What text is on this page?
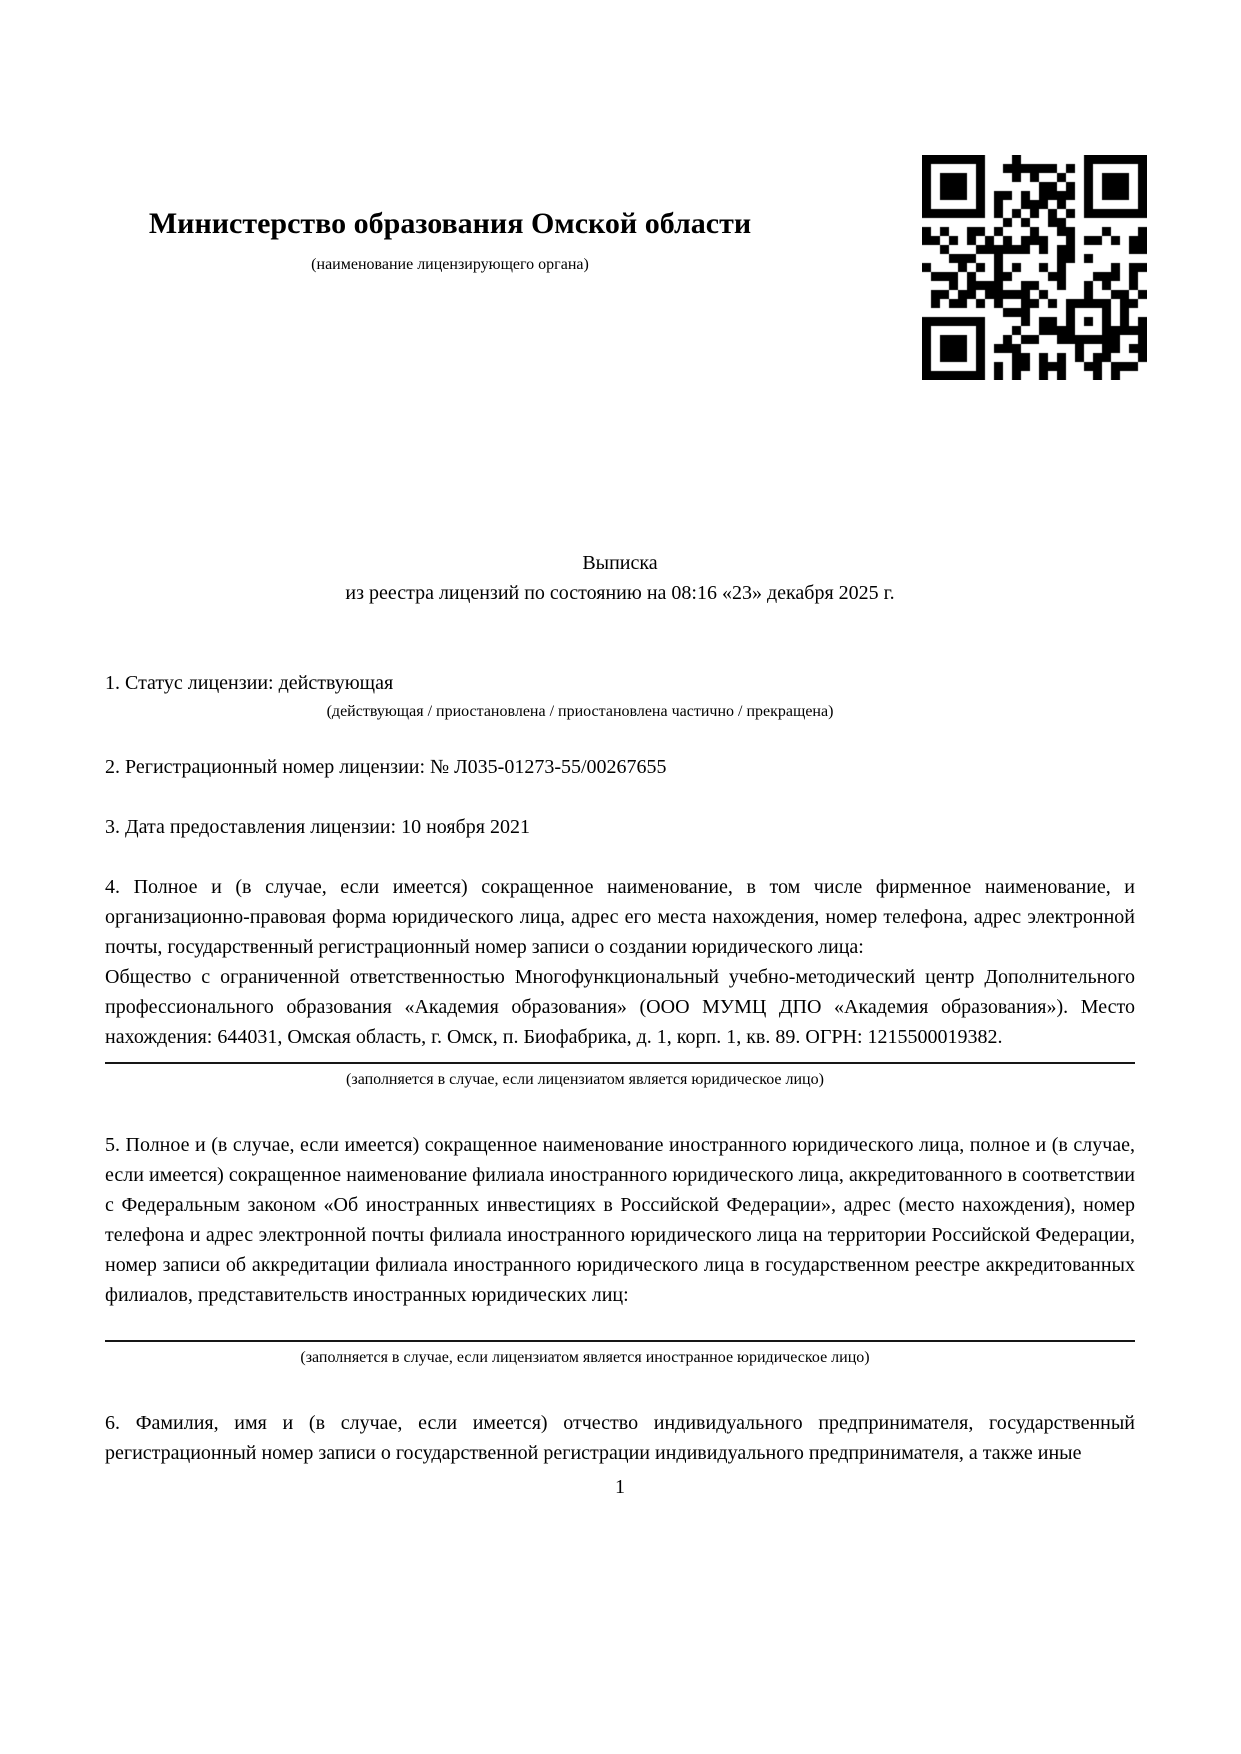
Министерство образования Омской области
(наименование лицензирующего органа)
Выписка
из реестра лицензий по состоянию на 08:16 «23» декабря 2025 г.
1. Статус лицензии: действующая
(действующая / приостановлена / приостановлена частично / прекращена)
2. Регистрационный номер лицензии: № Л035-01273-55/00267655
3. Дата предоставления лицензии: 10 ноября 2021
4. Полное и (в случае, если имеется) сокращенное наименование, в том числе фирменное наименование, и организационно-правовая форма юридического лица, адрес его места нахождения, номер телефона, адрес электронной почты, государственный регистрационный номер записи о создании юридического лица:
Общество с ограниченной ответственностью Многофункциональный учебно-методический центр Дополнительного профессионального образования «Академия образования» (ООО МУМЦ ДПО «Академия образования»). Место нахождения: 644031, Омская область, г. Омск, п. Биофабрика, д. 1, корп. 1, кв. 89. ОГРН: 1215500019382.
(заполняется в случае, если лицензиатом является юридическое лицо)
5. Полное и (в случае, если имеется) сокращенное наименование иностранного юридического лица, полное и (в случае, если имеется) сокращенное наименование филиала иностранного юридического лица, аккредитованного в соответствии с Федеральным законом «Об иностранных инвестициях в Российской Федерации», адрес (место нахождения), номер телефона и адрес электронной почты филиала иностранного юридического лица на территории Российской Федерации, номер записи об аккредитации филиала иностранного юридического лица в государственном реестре аккредитованных филиалов, представительств иностранных юридических лиц:
(заполняется в случае, если лицензиатом является иностранное юридическое лицо)
6. Фамилия, имя и (в случае, если имеется) отчество индивидуального предпринимателя, государственный регистрационный номер записи о государственной регистрации индивидуального предпринимателя, а также иные
1
